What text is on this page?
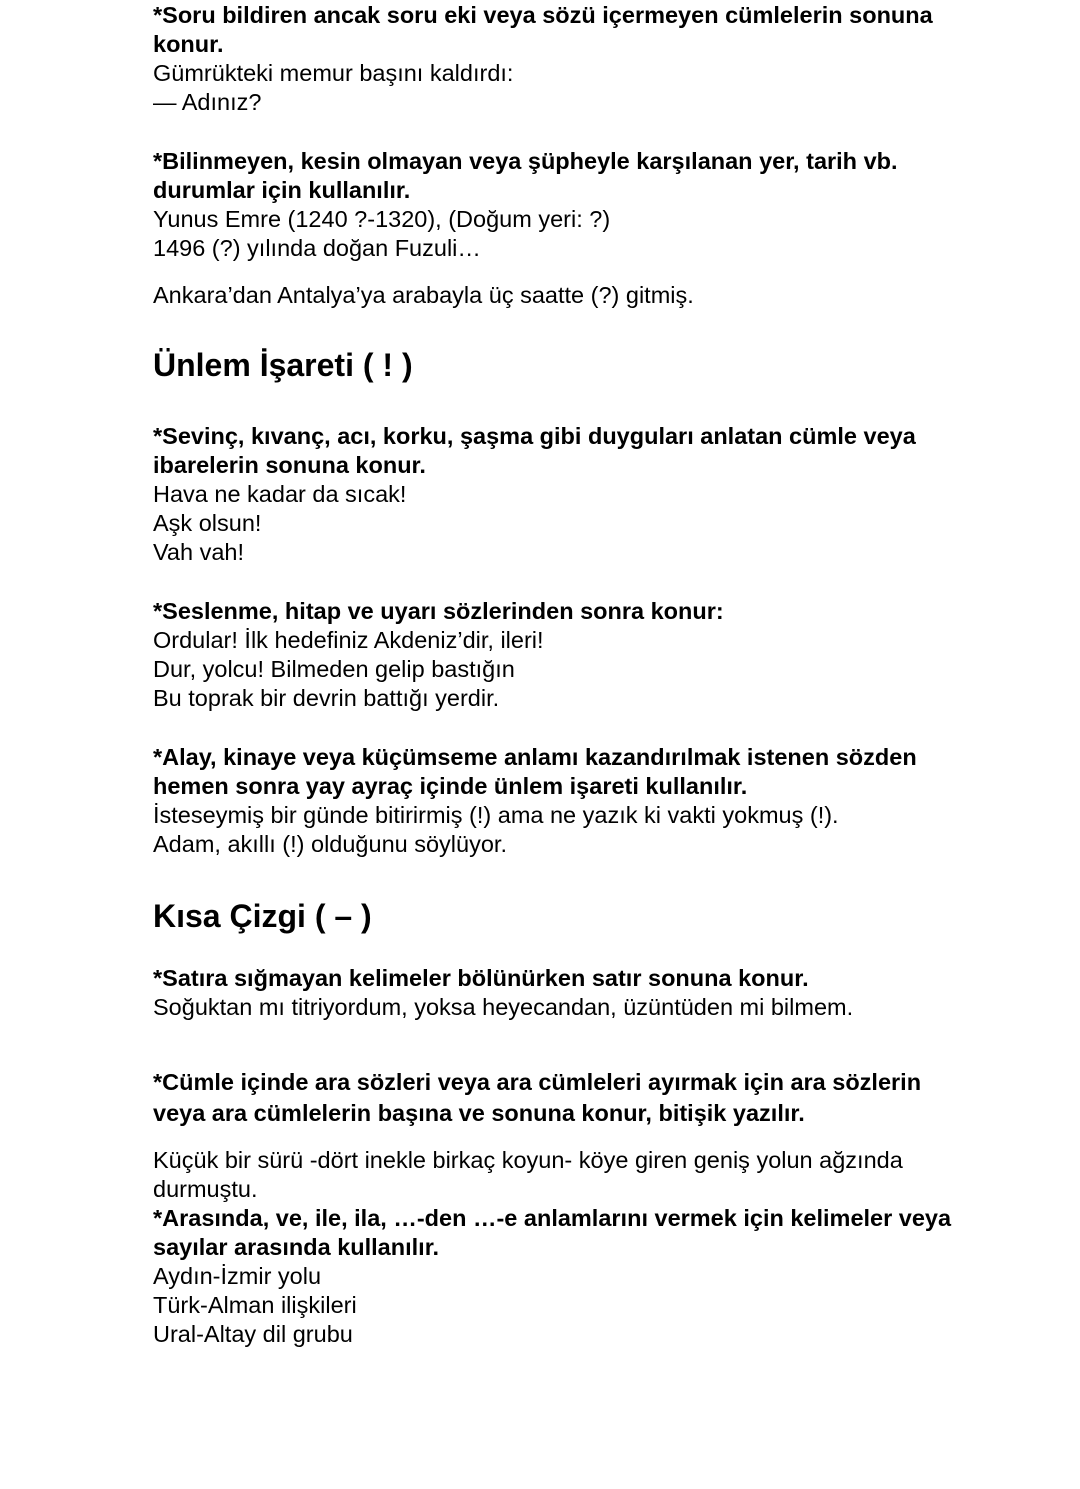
*Soru bildiren ancak soru eki veya sözü içermeyen cümlelerin sonuna
konur.
Gümrükteki memur başını kaldırdı:
— Adınız?
*Bilinmeyen, kesin olmayan veya şüpheyle karşılanan yer, tarih vb.
durumlar için kullanılır.
Yunus Emre (1240 ?-1320), (Doğum yeri: ?)
1496 (?) yılında doğan Fuzuli…
Ankara’dan Antalya’ya arabayla üç saatte (?) gitmiş.
Ünlem İşareti ( ! )
*Sevinç, kıvanç, acı, korku, şaşma gibi duyguları anlatan cümle veya
ibarelerin sonuna konur.
Hava ne kadar da sıcak!
Aşk olsun!
Vah vah!
*Seslenme, hitap ve uyarı sözlerinden sonra konur:
Ordular! İlk hedefiniz Akdeniz’dir, ileri!
Dur, yolcu! Bilmeden gelip bastığın
Bu toprak bir devrin battığı yerdir.
*Alay, kinaye veya küçümseme anlamı kazandırılmak istenen sözden
hemen sonra yay ayraç içinde ünlem işareti kullanılır.
İsteseymiş bir günde bitirirmiş (!) ama ne yazık ki vakti yokmuş (!).
Adam, akıllı (!) olduğunu söylüyor.
Kısa Çizgi ( – )
*Satıra sığmayan kelimeler bölünürken satır sonuna konur.
Soğuktan mı titriyordum, yoksa heyecandan, üzüntüden mi bilmem.
*Cümle içinde ara sözleri veya ara cümleleri ayırmak için ara sözlerin
veya ara cümlelerin başına ve sonuna konur, bitişik yazılır.
Küçük bir sürü -dört inekle birkaç koyun- köye giren geniş yolun ağzında
durmuştu.
*Arasında, ve, ile, ila, …-den …-e anlamlarını vermek için kelimeler veya
sayılar arasında kullanılır.
Aydın-İzmir yolu
Türk-Alman ilişkileri
Ural-Altay dil grubu
